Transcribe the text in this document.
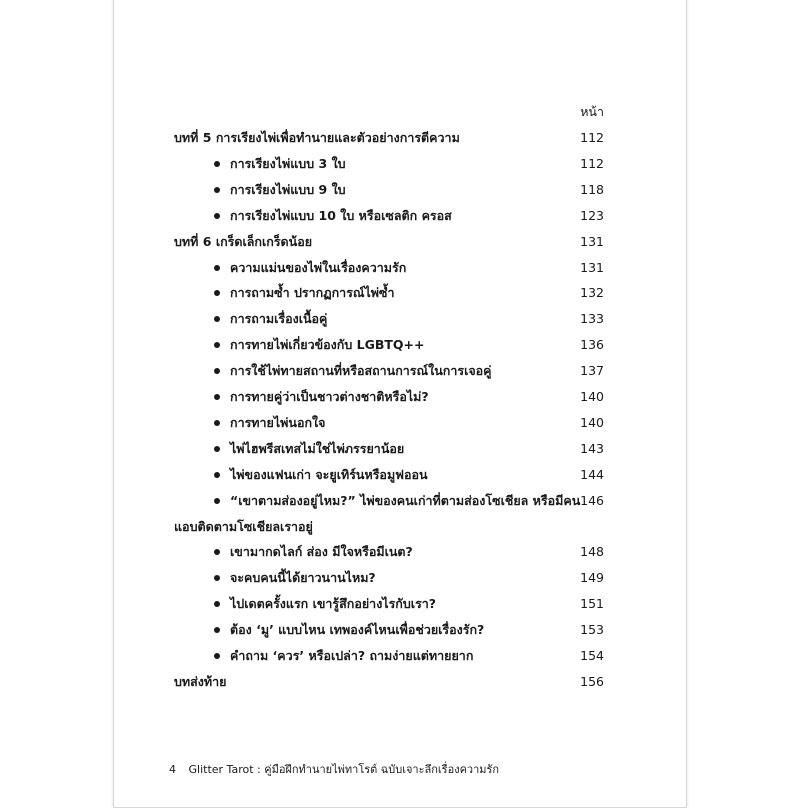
หน้า
บทที่ 5 การเรียงไพ่เพื่อทำนายและตัวอย่างการตีความ	112
การเรียงไพ่แบบ 3 ใบ	112
การเรียงไพ่แบบ 9 ใบ	118
การเรียงไพ่แบบ 10 ใบ หรือเซลติก ครอส	123
บทที่ 6 เกร็ดเล็กเกร็ดน้อย	131
ความแม่นของไพ่ในเรื่องความรัก	131
การถามซ้ำ ปรากฏการณ์ไพ่ซ้ำ	132
การถามเรื่องเนื้อคู่	133
การทายไพ่เกี่ยวข้องกับ LGBTQ++	136
การใช้ไพ่ทายสถานที่หรือสถานการณ์ในการเจอคู่	137
การทายคู่ว่าเป็นชาวต่างชาติหรือไม่?	140
การทายไพ่นอกใจ	140
ไพ่ไฮพรีสเทสไม่ใช่ไพ่ภรรยาน้อย	143
ไพ่ของแฟนเก่า จะยูเทิร์นหรือมูฟออน	144
“เขาตามส่องอยู่ไหม?” ไพ่ของคนเก่าที่ตามส่องโซเชียล หรือมีคน 146
แอบติดตามโซเชียลเราอยู่
เขามากดไลก์ ส่อง มีใจหรือมีเนต?	148
จะคบคนนี้ได้ยาวนานไหม?	149
ไปเดตครั้งแรก เขารู้สึกอย่างไรกับเรา?	151
ต้อง ‘มู’ แบบไหน เทพองค์ไหนเพื่อช่วยเรื่องรัก?	153
คำถาม ‘ควร’ หรือเปล่า? ถามง่ายแต่ทายยาก	154
บทส่งท้าย	156
4 Glitter Tarot : คู่มือฝึกทำนายไพ่ทาโรต์ ฉบับเจาะลึกเรื่องความรัก
